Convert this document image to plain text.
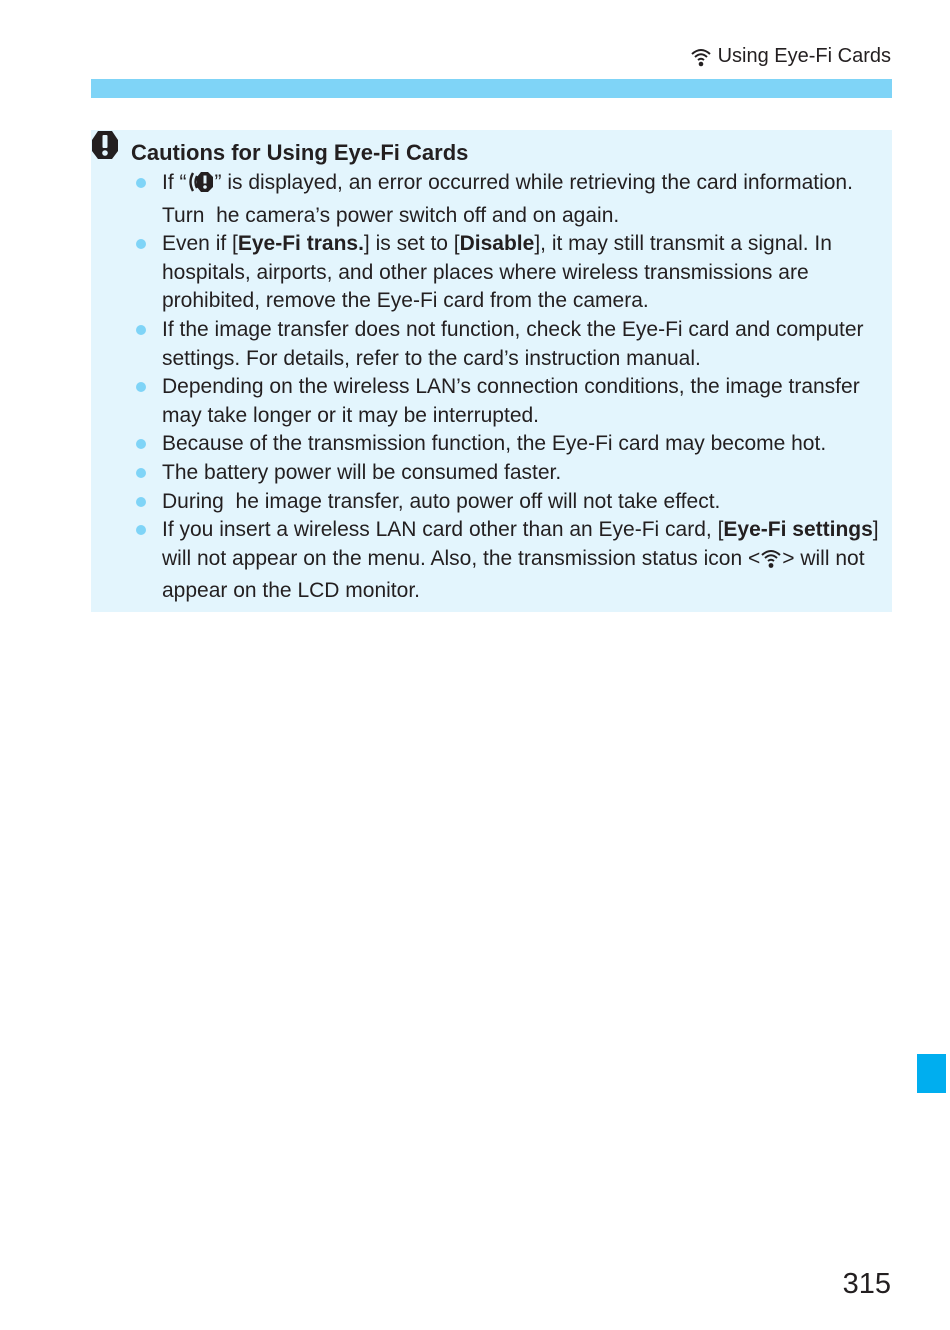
Using Eye-Fi Cards
Cautions for Using Eye-Fi Cards
If “ ” is displayed, an error occurred while retrieving the card information. Turn  he camera’s power switch off and on again.
Even if [Eye-Fi trans.] is set to [Disable], it may still transmit a signal. In hospitals, airports, and other places where wireless transmissions are prohibited, remove the Eye-Fi card from the camera.
If the image transfer does not function, check the Eye-Fi card and computer settings. For details, refer to the card’s instruction manual.
Depending on the wireless LAN’s connection conditions, the image transfer may take longer or it may be interrupted.
Because of the transmission function, the Eye-Fi card may become hot.
The battery power will be consumed faster.
During  he image transfer, auto power off will not take effect.
If you insert a wireless LAN card other than an Eye-Fi card, [Eye-Fi settings] will not appear on the menu. Also, the transmission status icon < > will not appear on the LCD monitor.
315
